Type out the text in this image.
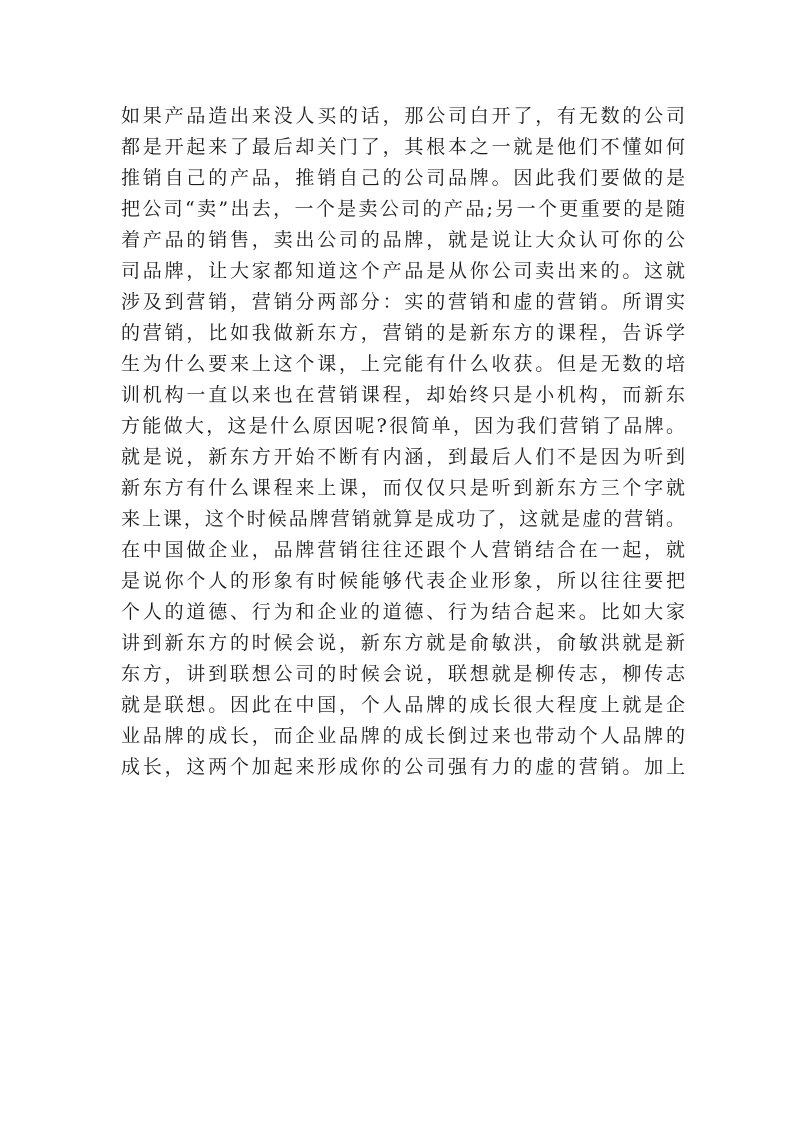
如果产品造出来没人买的话，那公司白开了，有无数的公司
都是开起来了最后却关门了，其根本之一就是他们不懂如何
推销自己的产品，推销自己的公司品牌。因此我们要做的是
把公司“卖”出去，一个是卖公司的产品;另一个更重要的是随
着产品的销售，卖出公司的品牌，就是说让大众认可你的公
司品牌，让大家都知道这个产品是从你公司卖出来的。这就
涉及到营销，营销分两部分：实的营销和虚的营销。所谓实
的营销，比如我做新东方，营销的是新东方的课程，告诉学
生为什么要来上这个课，上完能有什么收获。但是无数的培
训机构一直以来也在营销课程，却始终只是小机构，而新东
方能做大，这是什么原因呢?很简单，因为我们营销了品牌。
就是说，新东方开始不断有内涵，到最后人们不是因为听到
新东方有什么课程来上课，而仅仅只是听到新东方三个字就
来上课，这个时候品牌营销就算是成功了，这就是虚的营销。
在中国做企业，品牌营销往往还跟个人营销结合在一起，就
是说你个人的形象有时候能够代表企业形象，所以往往要把
个人的道德、行为和企业的道德、行为结合起来。比如大家
讲到新东方的时候会说，新东方就是俞敏洪，俞敏洪就是新
东方，讲到联想公司的时候会说，联想就是柳传志，柳传志
就是联想。因此在中国，个人品牌的成长很大程度上就是企
业品牌的成长，而企业品牌的成长倒过来也带动个人品牌的
成长，这两个加起来形成你的公司强有力的虚的营销。加上
